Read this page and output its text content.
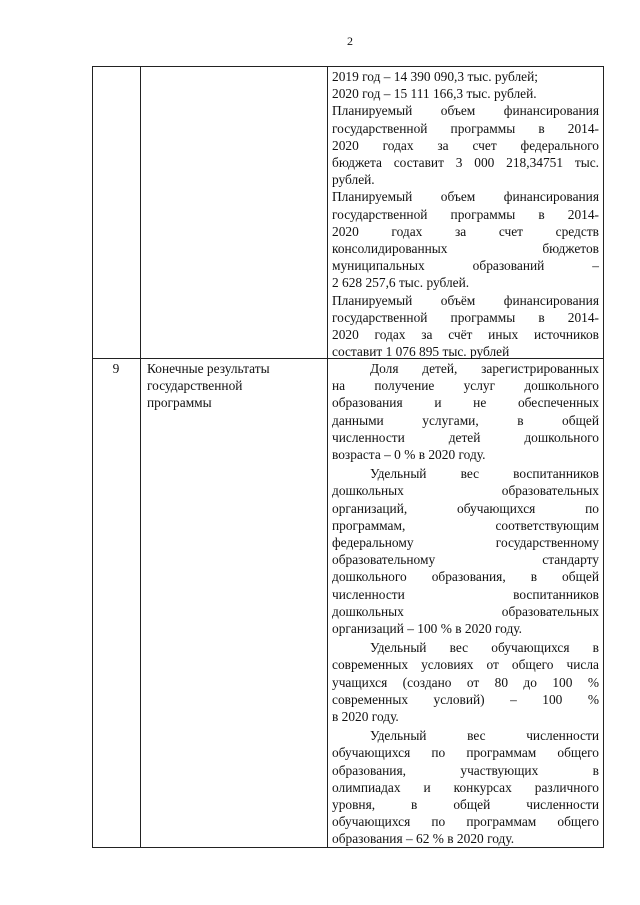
2
2019 год – 14 390 090,3 тыс. рублей;
2020 год – 15 111 166,3 тыс. рублей.
Планируемый объем финансирования
государственной программы в 2014-
2020 годах за счет федерального
бюджета составит 3 000 218,34751 тыс.
рублей.
Планируемый объем финансирования
государственной программы в 2014-
2020 годах за счет средств
консолидированных бюджетов
муниципальных образований –
2 628 257,6 тыс. рублей.
Планируемый объём финансирования
государственной программы в 2014-
2020 годах за счёт иных источников
составит 1 076 895 тыс. рублей
9	Конечные результаты
государственной
программы
Доля детей, зарегистрированных
на получение услуг дошкольного
образования и не обеспеченных
данными услугами, в общей
численности детей дошкольного
возраста – 0 % в 2020 году.
Удельный вес воспитанников
дошкольных образовательных
организаций, обучающихся по
программам, соответствующим
федеральному государственному
образовательному стандарту
дошкольного образования, в общей
численности воспитанников
дошкольных образовательных
организаций – 100 % в 2020 году.
Удельный вес обучающихся в
современных условиях от общего числа
учащихся (создано от 80 до 100 %
современных условий) – 100 %
в 2020 году.
Удельный вес численности
обучающихся по программам общего
образования, участвующих в
олимпиадах и конкурсах различного
уровня, в общей численности
обучающихся по программам общего
образования – 62 % в 2020 году.
